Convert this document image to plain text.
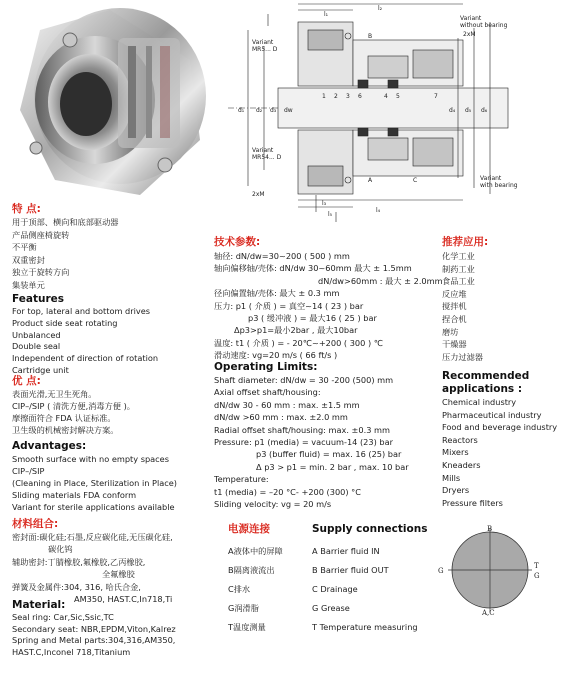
Variant MR5... D
Variant MR54... D
Variant without bearing
Variant with bearing
l₁
l₂
l₃
l₄
l₅
d₁ d₂ d₃	d₄ d₅ d₆
dw
2xM
2xM
1 2 3	4 5
6	7
B
A	C
特 点:
用于顶部、横向和底部驱动器
产品侧座椅旋转
不平衡
双重密封
独立于旋转方向
集装单元
Features
For top, lateral and bottom drives
Product side seat rotating
Unbalanced
Double seal
Independent of direction of rotation
Cartridge unit
优 点:
表面光滑,无卫生死角。
CIP–/SIP ( 清洗方便,消毒方便 )。
摩擦面符合 FDA 认证标准。
卫生级的机械密封解决方案。
Advantages:
Smooth surface with no empty spaces
CIP–/SIP
(Cleaning in Place, Sterilization in Place)
Sliding materials FDA conform
Variant for sterile applications available
材料组合:
密封面:碳化硅;石墨,反应碳化硅,无压碳化硅,
碳化钨
辅助密封:丁腈橡胶,氟橡胶,乙丙橡胶,
全氟橡胶
弹簧及金属件:304, 316, 哈氏合金,
AM350, HAST.C,In718,Ti
Material:
Seal ring: Car,Sic,Ssic,TC
Secondary seat: NBR,EPDM,Viton,Kalrez
Spring and Metal parts:304,316,AM350,
HAST.C,Inconel 718,Titanium
技术参数:
轴径: dN/dw=30~200 ( 500 ) mm
轴向偏移轴/壳体: dN/dw 30~60mm 最大 ± 1.5mm
dN/dw>60mm : 最大 ± 2.0mm
径向偏置轴/壳体: 最大 ± 0.3 mm
压力: p1 ( 介质 ) = 真空~14 ( 23 ) bar
p3 ( 缓冲液 ) = 最大16 ( 25 ) bar
Δp3>p1=最小2bar , 最大10bar
温度: t1 ( 介质 ) = - 20℃~+200 ( 300 ) ℃
滑动速度: vg=20 m/s ( 66 ft/s )
Operating Limits:
Shaft diameter: dN/dw = 30 -200 (500) mm
Axial offset shaft/housing:
dN/dw 30 - 60 mm : max. ±1.5 mm
dN/dw >60 mm : max. ±2.0 mm
Radial offset shaft/housing: max. ±0.3 mm
Pressure: p1 (media) = vacuum-14 (23) bar
p3 (buffer fluid) = max. 16 (25) bar
Δ p3 > p1 = min. 2 bar , max. 10 bar
Temperature:
t1 (media) = –20 °C- +200 (300) °C
Sliding velocity: vg = 20 m/s
电源连接
A液体中的屏障
B隔离液流出
C排水
G润滑脂
T温度测量
Supply connections
A Barrier fluid IN
B Barrier fluid OUT
C Drainage
G Grease
T Temperature measuring
推荐应用:
化学工业
制药工业
食品工业
反应堆
搅拌机
捏合机
磨坊
干燥器
压力过滤器
Recommended
applications :
Chemical industry
Pharmaceutical industry
Food and beverage industry
Reactors
Mixers
Kneaders
Mills
Dryers
Pressure filters
B
G
T
G
A,C
